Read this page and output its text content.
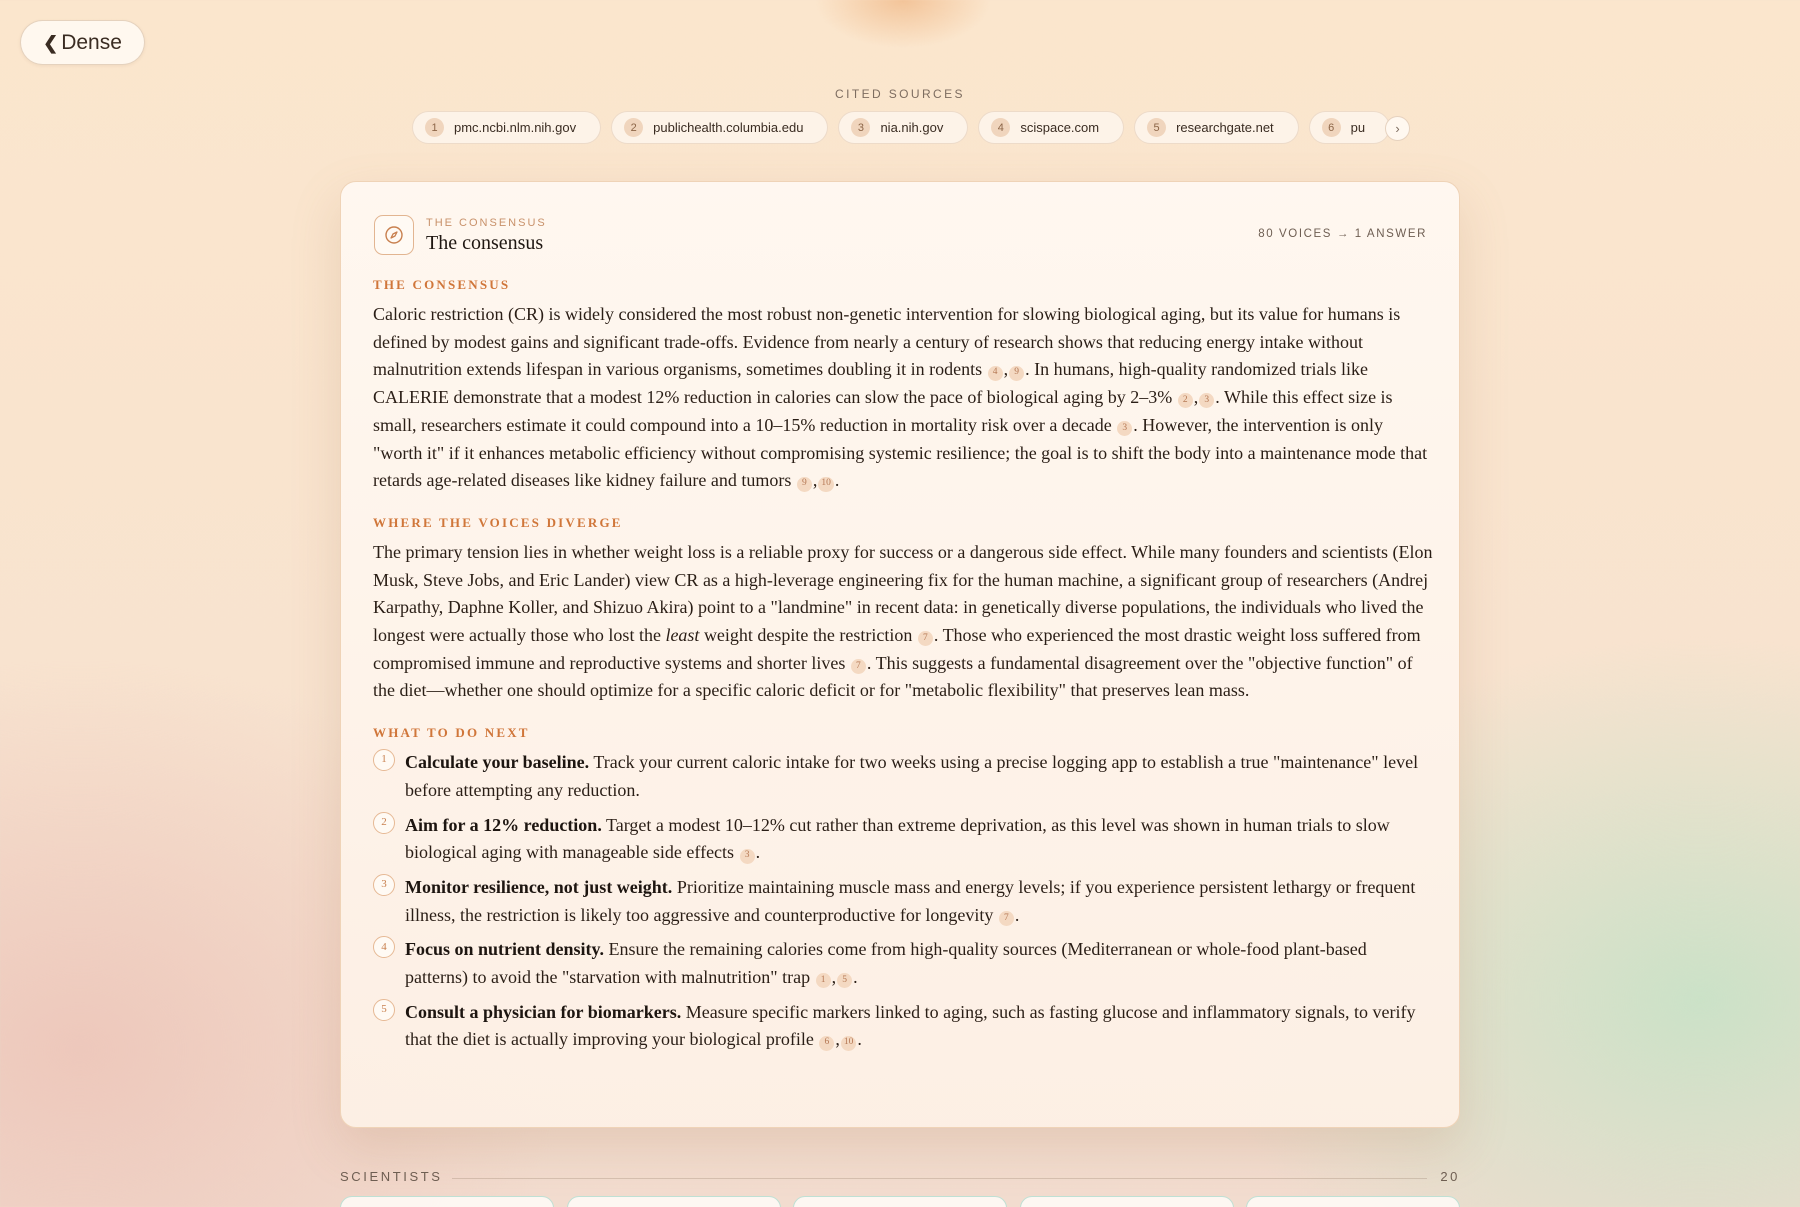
❮ Dense
CITED SOURCES
1	pmc.ncbi.nlm.nih.gov	2	publichealth.columbia.edu	3	nia.nih.gov	4	scispace.com	5	researchgate.net	6	pu	›
THE CONSENSUS
The consensus	80 VOICES → 1 ANSWER
THE CONSENSUS

Caloric restriction (CR) is widely considered the most robust non-genetic intervention for slowing biological aging, but its value for humans is defined by modest gains and significant trade-offs. Evidence from nearly a century of research shows that reducing energy intake without malnutrition extends lifespan in various organisms, sometimes doubling it in rodents 4 , 9 . In humans, high-quality randomized trials like CALERIE demonstrate that a modest 12% reduction in calories can slow the pace of biological aging by 2–3% 2 , 3 . While this effect size is small, researchers estimate it could compound into a 10–15% reduction in mortality risk over a decade 3 . However, the intervention is only "worth it" if it enhances metabolic efficiency without compromising systemic resilience; the goal is to shift the body into a maintenance mode that retards age-related diseases like kidney failure and tumors 9 , 10 .

WHERE THE VOICES DIVERGE

The primary tension lies in whether weight loss is a reliable proxy for success or a dangerous side effect. While many founders and scientists (Elon Musk, Steve Jobs, and Eric Lander) view CR as a high-leverage engineering fix for the human machine, a significant group of researchers (Andrej Karpathy, Daphne Koller, and Shizuo Akira) point to a "landmine" in recent data: in genetically diverse populations, the individuals who lived the longest were actually those who lost the least weight despite the restriction 7 . Those who experienced the most drastic weight loss suffered from compromised immune and reproductive systems and shorter lives 7 . This suggests a fundamental disagreement over the "objective function" of the diet—whether one should optimize for a specific caloric deficit or for "metabolic flexibility" that preserves lean mass.

WHAT TO DO NEXT
1	Calculate your baseline. Track your current caloric intake for two weeks using a precise logging app to establish a true "maintenance" level before attempting any reduction.
2	Aim for a 12% reduction. Target a modest 10–12% cut rather than extreme deprivation, as this level was shown in human trials to slow biological aging with manageable side effects 3 .
3	Monitor resilience, not just weight. Prioritize maintaining muscle mass and energy levels; if you experience persistent lethargy or frequent illness, the restriction is likely too aggressive and counterproductive for longevity 7 .
4	Focus on nutrient density. Ensure the remaining calories come from high-quality sources (Mediterranean or whole-food plant-based patterns) to avoid the "starvation with malnutrition" trap 1 , 5 .
5	Consult a physician for biomarkers. Measure specific markers linked to aging, such as fasting glucose and inflammatory signals, to verify that the diet is actually improving your biological profile 6 , 10 .
SCIENTISTS	20
